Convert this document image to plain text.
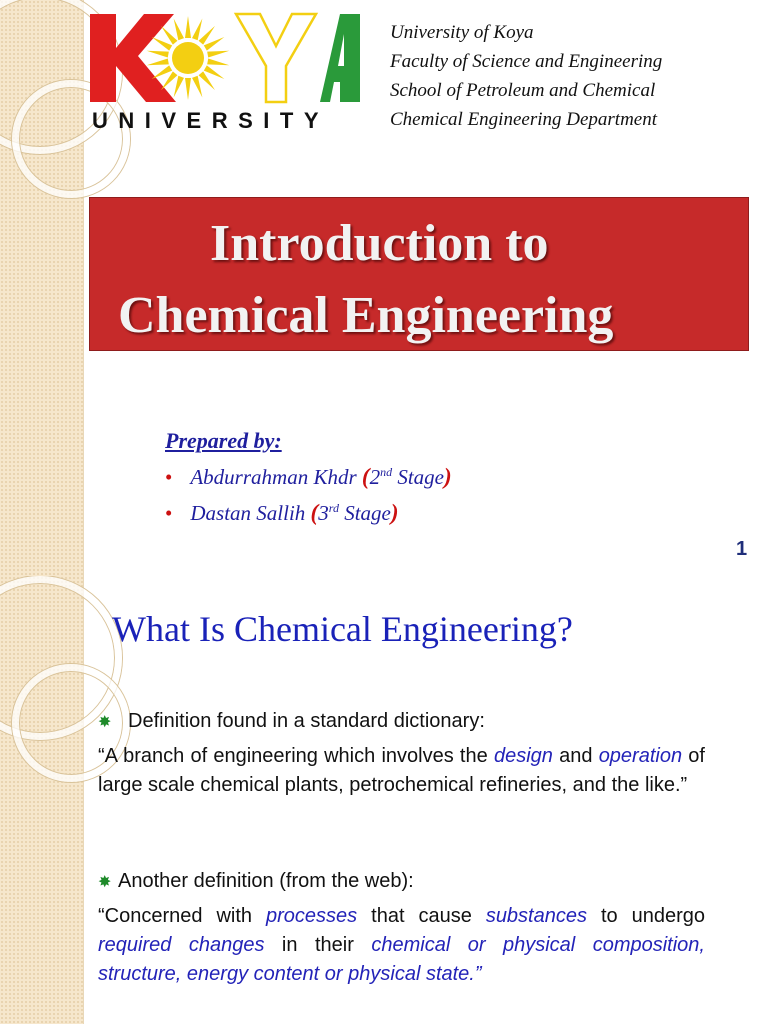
UNIVERSITY
University of Koya
Faculty of Science and Engineering
School of Petroleum and Chemical
Chemical Engineering Department
Introduction to
Chemical Engineering
Prepared by:
• Abdurrahman Khdr (2nd Stage)
• Dastan Sallih (3rd Stage)
1
What Is Chemical Engineering?
✸ Definition found in a standard dictionary:
“A branch of engineering which involves the design and operation of large scale chemical plants, petrochemical refineries, and the like.”
✸ Another definition (from the web):
“Concerned with processes that cause substances to undergo required changes in their chemical or physical composition, structure, energy content or physical state.”
